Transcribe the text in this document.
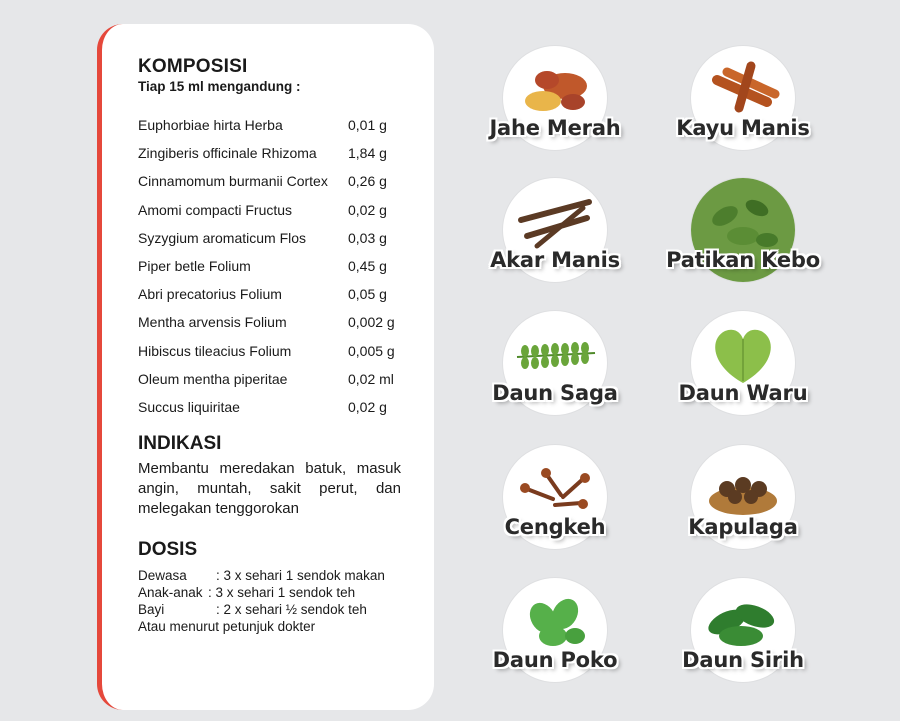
KOMPOSISI
Tiap 15 ml mengandung :
Euphorbiae hirta Herba	0,01 g
Zingiberis officinale Rhizoma	1,84 g
Cinnamomum burmanii Cortex	0,26 g
Amomi compacti Fructus	0,02 g
Syzygium aromaticum Flos	0,03 g
Piper betle Folium	0,45 g
Abri precatorius Folium	0,05 g
Mentha arvensis Folium	0,002 g
Hibiscus tileacius Folium	0,005 g
Oleum mentha piperitae	0,02 ml
Succus liquiritae	0,02 g
INDIKASI
Membantu meredakan batuk, masuk angin, muntah, sakit perut, dan melegakan tenggorokan
DOSIS
Dewasa	: 3 x sehari 1 sendok makan
Anak-anak : 3 x sehari 1 sendok teh
Bayi	: 2 x sehari ½ sendok teh
Atau menurut petunjuk dokter
Jahe Merah	Kayu Manis
Akar Manis	Patikan Kebo
Daun Saga	Daun Waru
Cengkeh	Kapulaga
Daun Poko	Daun Sirih
